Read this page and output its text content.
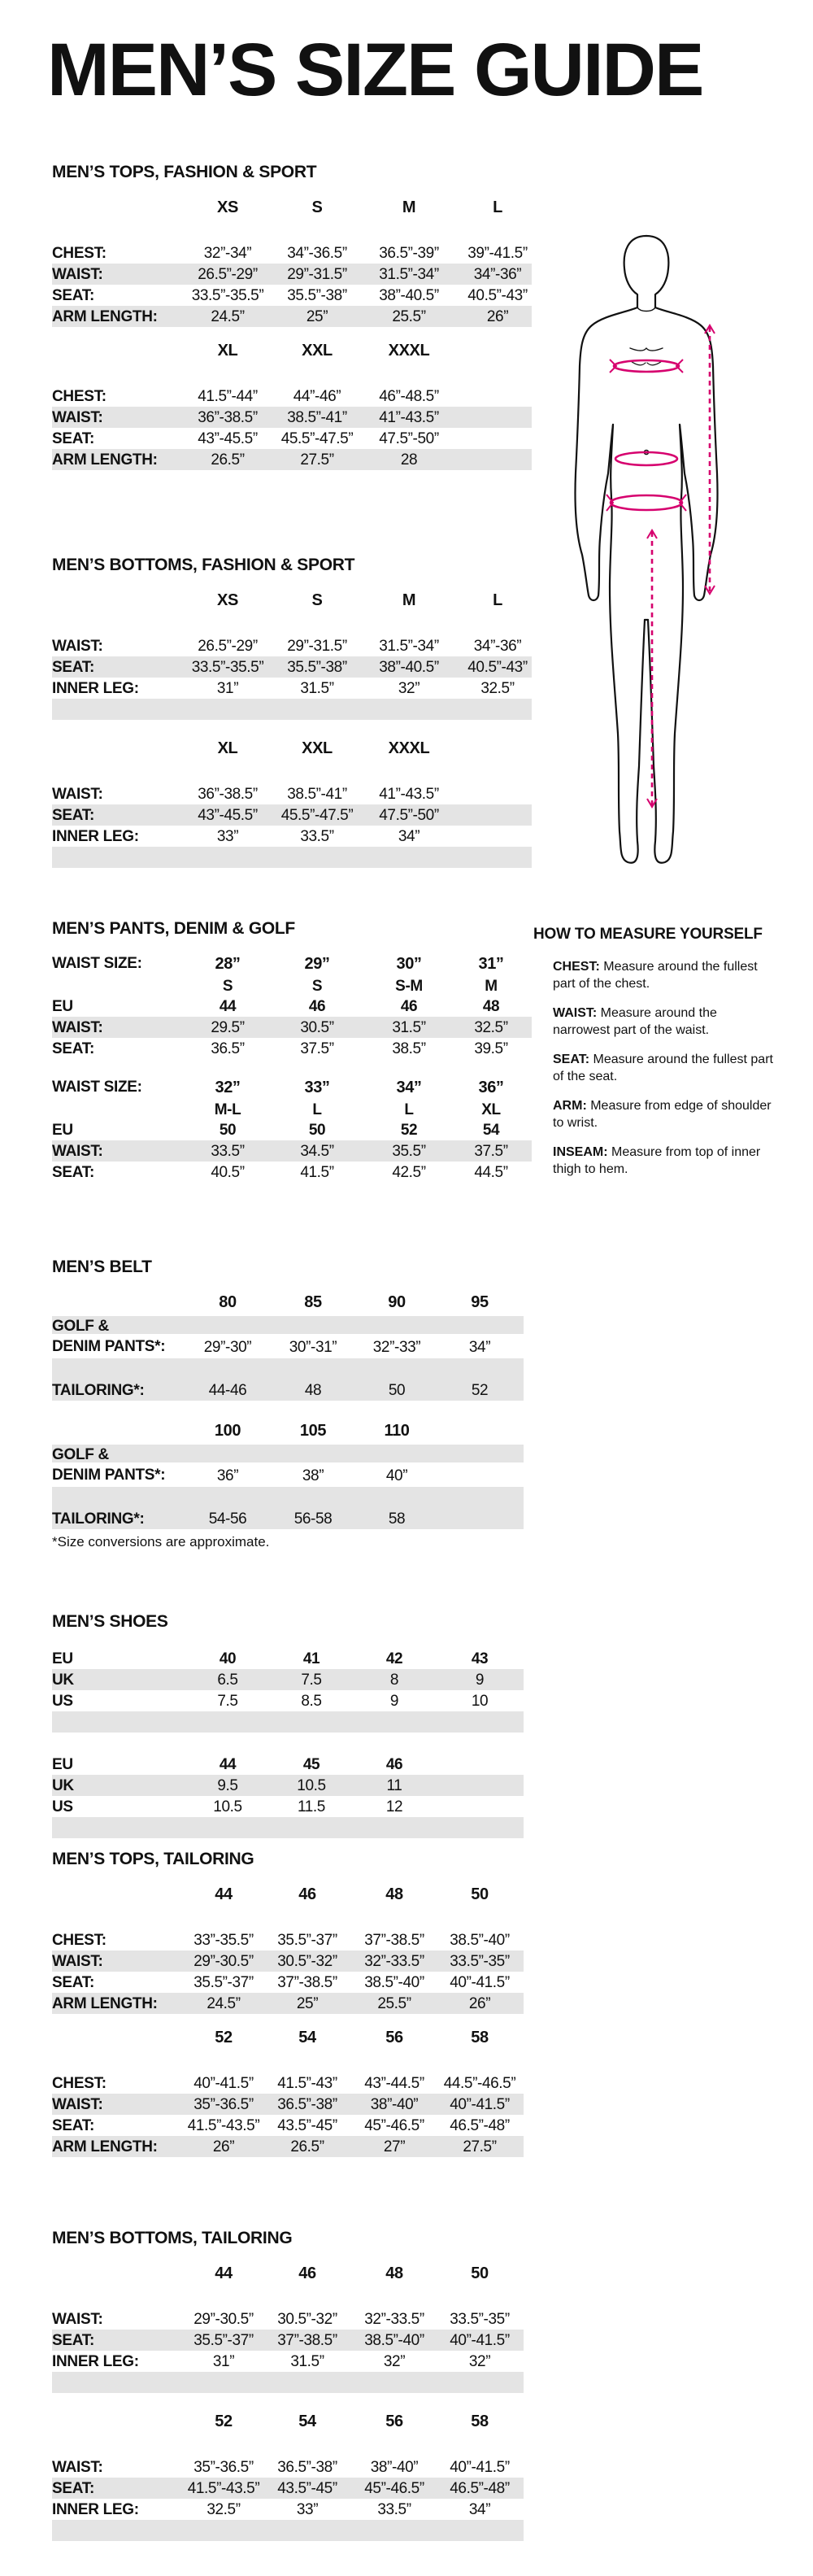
MEN’S SIZE GUIDE
MEN’S TOPS, FASHION & SPORT
XS	S	M	L
CHEST:	32”-34”	34”-36.5”	36.5”-39”	39”-41.5”
WAIST:	26.5”-29”	29”-31.5”	31.5”-34”	34”-36”
SEAT:	33.5”-35.5”	35.5”-38”	38”-40.5”	40.5”-43”
ARM LENGTH:	24.5”	25”	25.5”	26”
XL	XXL	XXXL
CHEST:	41.5”-44”	44”-46”	46”-48.5”
WAIST:	36”-38.5”	38.5”-41”	41”-43.5”
SEAT:	43”-45.5”	45.5”-47.5”	47.5”-50”
ARM LENGTH:	26.5”	27.5”	28
MEN’S BOTTOMS, FASHION & SPORT
XS	S	M	L
WAIST:	26.5”-29”	29”-31.5”	31.5”-34”	34”-36”
SEAT:	33.5”-35.5”	35.5”-38”	38”-40.5”	40.5”-43”
INNER LEG:	31”	31.5”	32”	32.5”
XL	XXL	XXXL
WAIST:	36”-38.5”	38.5”-41”	41”-43.5”
SEAT:	43”-45.5”	45.5”-47.5”	47.5”-50”
INNER LEG:	33”	33.5”	34”
MEN’S PANTS, DENIM & GOLF
WAIST SIZE:	28”	29”	30”	31”
S	S	S-M	M
EU	44	46	46	48
WAIST:	29.5”	30.5”	31.5”	32.5”
SEAT:	36.5”	37.5”	38.5”	39.5”
WAIST SIZE:	32”	33”	34”	36”
M-L	L	L	XL
EU	50	50	52	54
WAIST:	33.5”	34.5”	35.5”	37.5”
SEAT:	40.5”	41.5”	42.5”	44.5”
MEN’S BELT
80	85	90	95
GOLF &
DENIM PANTS*:	29”-30”	30”-31”	32”-33”	34”
TAILORING*:	44-46	48	50	52
100	105	110
GOLF &
DENIM PANTS*:	36”	38”	40”
TAILORING*:	54-56	56-58	58
*Size conversions are approximate.
MEN’S SHOES
EU	40	41	42	43
UK	6.5	7.5	8	9
US	7.5	8.5	9	10
EU	44	45	46
UK	9.5	10.5	11
US	10.5	11.5	12
MEN’S TOPS, TAILORING
44	46	48	50
CHEST:	33”-35.5”	35.5”-37”	37”-38.5”	38.5”-40”
WAIST:	29”-30.5”	30.5”-32”	32”-33.5”	33.5”-35”
SEAT:	35.5”-37”	37”-38.5”	38.5”-40”	40”-41.5”
ARM LENGTH:	24.5”	25”	25.5”	26”
52	54	56	58
CHEST:	40”-41.5”	41.5”-43”	43”-44.5”	44.5”-46.5”
WAIST:	35”-36.5”	36.5”-38”	38”-40”	40”-41.5”
SEAT:	41.5”-43.5”	43.5”-45”	45”-46.5”	46.5”-48”
ARM LENGTH:	26”	26.5”	27”	27.5”
MEN’S BOTTOMS, TAILORING
44	46	48	50
WAIST:	29”-30.5”	30.5”-32”	32”-33.5”	33.5”-35”
SEAT:	35.5”-37”	37”-38.5”	38.5”-40”	40”-41.5”
INNER LEG:	31”	31.5”	32”	32”
52	54	56	58
WAIST:	35”-36.5”	36.5”-38”	38”-40”	40”-41.5”
SEAT:	41.5”-43.5”	43.5”-45”	45”-46.5”	46.5”-48”
INNER LEG:	32.5”	33”	33.5”	34”
HOW TO MEASURE YOURSELF

CHEST: Measure around the fullest part of the chest.

WAIST: Measure around the narrowest part of the waist.

SEAT: Measure around the fullest part of the seat.

ARM: Measure from edge of shoulder to wrist.

INSEAM: Measure from top of inner thigh to hem.
